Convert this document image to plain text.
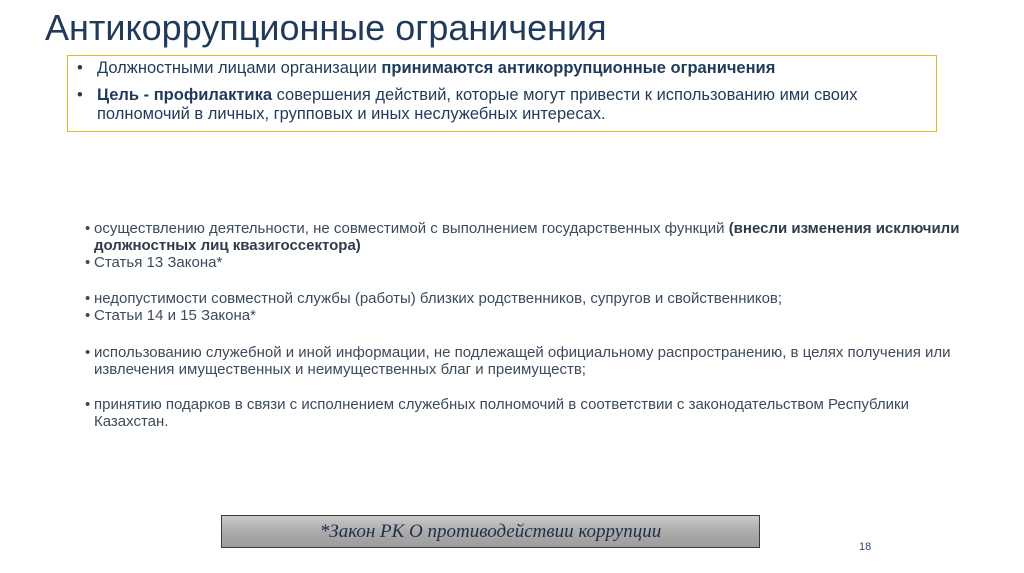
Антикоррупционные ограничения
• Должностными лицами организации принимаются антикоррупционные ограничения
• Цель - профилактика совершения действий, которые могут привести к использованию ими своих полномочий в личных, групповых и иных неслужебных интересах.
• осуществлению деятельности, не совместимой с выполнением государственных функций (внесли изменения исключили должностных лиц квазигоссектора)
• Статья 13 Закона*
• недопустимости совместной службы (работы) близких родственников, супругов и свойственников;
• Статьи 14 и 15 Закона*
• использованию служебной и иной информации, не подлежащей официальному распространению, в целях получения или извлечения имущественных и неимущественных благ и преимуществ;
• принятию подарков в связи с исполнением служебных полномочий в соответствии с законодательством Республики Казахстан.
*Закон РК О противодействии коррупции
18
